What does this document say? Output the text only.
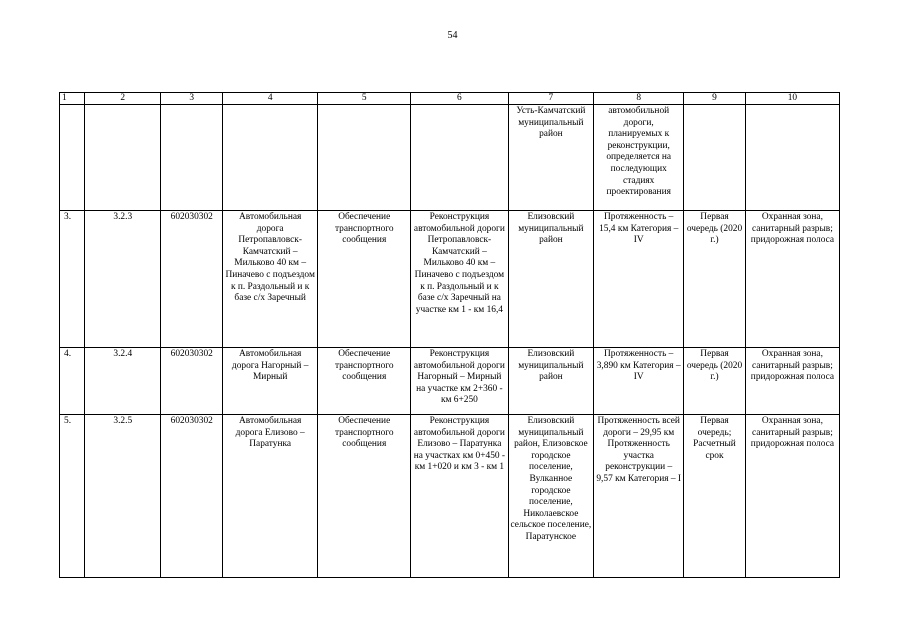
54
1	2	3	4	5	6	7	8	9	10
						Усть-Камчатский муниципальный район	автомобильной дороги, планируемых к реконструкции, определяется на последующих стадиях проектирования		
3.	3.2.3	602030302	Автомобильная дорога Петропавловск-Камчатский – Мильково 40 км – Пиначево с подъездом к п. Раздольный и к базе с/х Заречный	Обеспечение транспортного сообщения	Реконструкция автомобильной дороги Петропавловск-Камчатский – Мильково 40 км – Пиначево с подъездом к п. Раздольный и к базе с/х Заречный на участке км 1 - км 16,4	Елизовский муниципальный район	Протяженность – 15,4 км Категория – IV	Первая очередь (2020 г.)	Охранная зона, санитарный разрыв; придорожная полоса
4.	3.2.4	602030302	Автомобильная дорога Нагорный – Мирный	Обеспечение транспортного сообщения	Реконструкция автомобильной дороги Нагорный – Мирный на участке км 2+360 - км 6+250	Елизовский муниципальный район	Протяженность – 3,890 км Категория – IV	Первая очередь (2020 г.)	Охранная зона, санитарный разрыв; придорожная полоса
5.	3.2.5	602030302	Автомобильная дорога Елизово – Паратунка	Обеспечение транспортного сообщения	Реконструкция автомобильной дороги Елизово – Паратунка на участках км 0+450 - км 1+020 и км 3 - км 1	Елизовский муниципальный район, Елизовское городское поселение, Вулканное городское поселение, Николаевское сельское поселение, Паратунское	Протяженность всей дороги – 29,95 км Протяженность участка реконструкции – 9,57 км Категория – I	Первая очередь; Расчетный срок	Охранная зона, санитарный разрыв; придорожная полоса
